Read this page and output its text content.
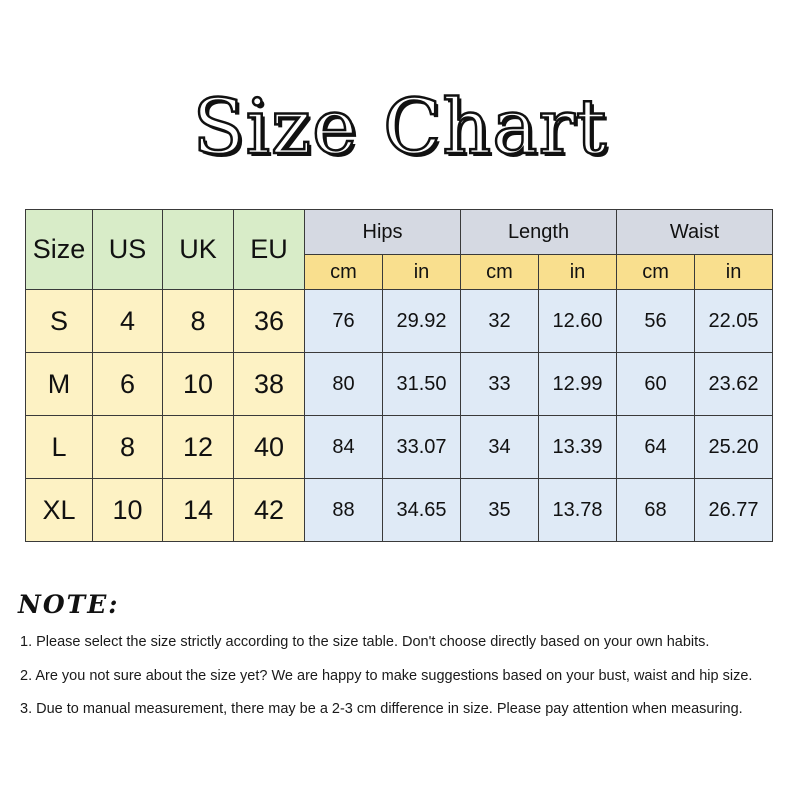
Size Chart
Size	US	UK	EU	Hips		Length		Waist	
				cm	in	cm	in	cm	in
S	4	8	36	76	29.92	32	12.60	56	22.05
M	6	10	38	80	31.50	33	12.99	60	23.62
L	8	12	40	84	33.07	34	13.39	64	25.20
XL	10	14	42	88	34.65	35	13.78	68	26.77
NOTE:
1. Please select the size strictly according to the size table. Don't choose directly based on your own habits.
2. Are you not sure about the size yet? We are happy to make suggestions based on your bust, waist and hip size.
3. Due to manual measurement, there may be a 2-3 cm difference in size. Please pay attention when measuring.
